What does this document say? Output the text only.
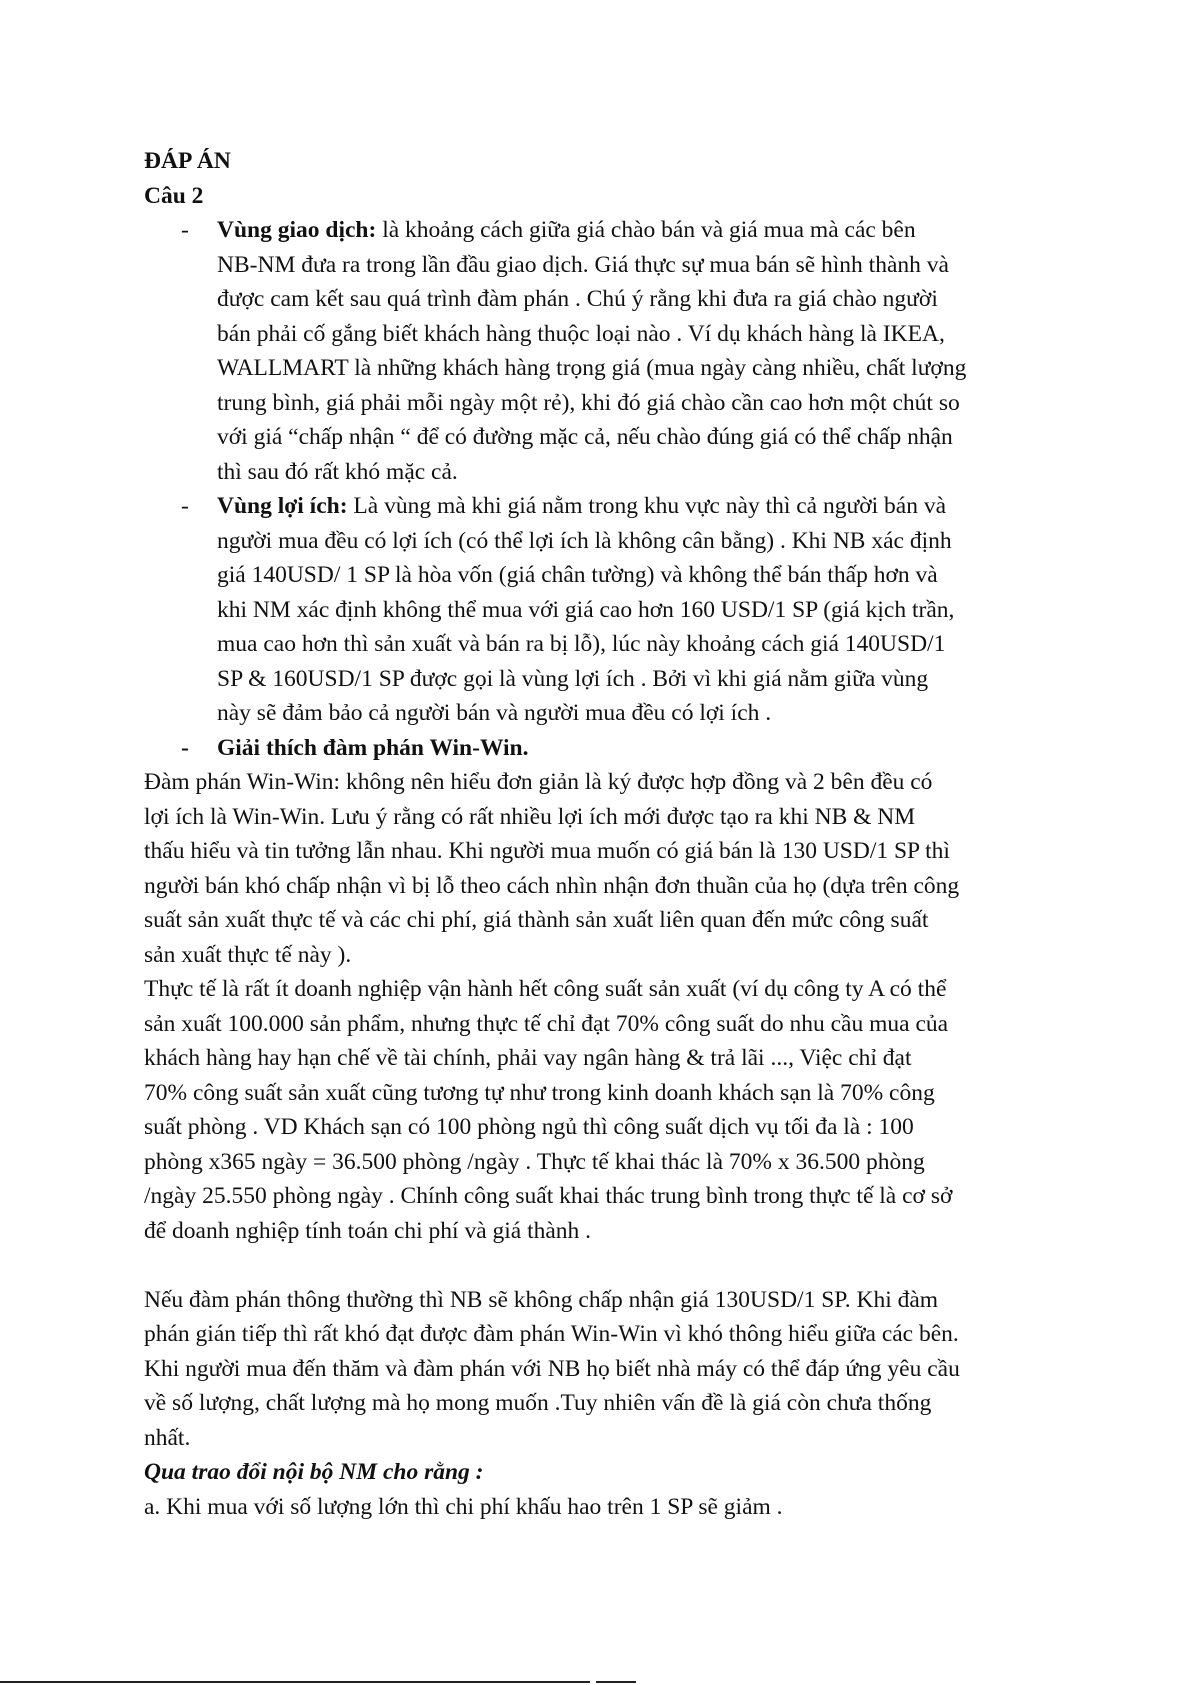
ĐÁP ÁN
Câu 2
- Vùng giao dịch: là khoảng cách giữa giá chào bán và giá mua mà các bên
NB-NM đưa ra trong lần đầu giao dịch. Giá thực sự mua bán sẽ hình thành và
được cam kết sau quá trình đàm phán . Chú ý rằng khi đưa ra giá chào người
bán phải cố gắng biết khách hàng thuộc loại nào . Ví dụ khách hàng là IKEA,
WALLMART là những khách hàng trọng giá (mua ngày càng nhiều, chất lượng
trung bình, giá phải mỗi ngày một rẻ), khi đó giá chào cần cao hơn một chút so
với giá “chấp nhận “ để có đường mặc cả, nếu chào đúng giá có thể chấp nhận
thì sau đó rất khó mặc cả.
- Vùng lợi ích: Là vùng mà khi giá nằm trong khu vực này thì cả người bán và
người mua đều có lợi ích (có thể lợi ích là không cân bằng) . Khi NB xác định
giá 140USD/ 1 SP là hòa vốn (giá chân tường) và không thể bán thấp hơn và
khi NM xác định không thể mua với giá cao hơn 160 USD/1 SP (giá kịch trần,
mua cao hơn thì sản xuất và bán ra bị lỗ), lúc này khoảng cách giá 140USD/1
SP & 160USD/1 SP được gọi là vùng lợi ích . Bởi vì khi giá nằm giữa vùng
này sẽ đảm bảo cả người bán và người mua đều có lợi ích .
- Giải thích đàm phán Win-Win.
Đàm phán Win-Win: không nên hiểu đơn giản là ký được hợp đồng và 2 bên đều có
lợi ích là Win-Win. Lưu ý rằng có rất nhiều lợi ích mới được tạo ra khi NB & NM
thấu hiểu và tin tưởng lẫn nhau. Khi người mua muốn có giá bán là 130 USD/1 SP thì
người bán khó chấp nhận vì bị lỗ theo cách nhìn nhận đơn thuần của họ (dựa trên công
suất sản xuất thực tế và các chi phí, giá thành sản xuất liên quan đến mức công suất
sản xuất thực tế này ).
Thực tế là rất ít doanh nghiệp vận hành hết công suất sản xuất (ví dụ công ty A có thể
sản xuất 100.000 sản phẩm, nhưng thực tế chỉ đạt 70% công suất do nhu cầu mua của
khách hàng hay hạn chế về tài chính, phải vay ngân hàng & trả lãi ..., Việc chỉ đạt
70% công suất sản xuất cũng tương tự như trong kinh doanh khách sạn là 70% công
suất phòng . VD Khách sạn có 100 phòng ngủ thì công suất dịch vụ tối đa là : 100
phòng x365 ngày = 36.500 phòng /ngày . Thực tế khai thác là 70% x 36.500 phòng
/ngày 25.550 phòng ngày . Chính công suất khai thác trung bình trong thực tế là cơ sở
để doanh nghiệp tính toán chi phí và giá thành .
Nếu đàm phán thông thường thì NB sẽ không chấp nhận giá 130USD/1 SP. Khi đàm
phán gián tiếp thì rất khó đạt được đàm phán Win-Win vì khó thông hiểu giữa các bên.
Khi người mua đến thăm và đàm phán với NB họ biết nhà máy có thể đáp ứng yêu cầu
về số lượng, chất lượng mà họ mong muốn .Tuy nhiên vấn đề là giá còn chưa thống
nhất.
Qua trao đổi nội bộ NM cho rằng :
a. Khi mua với số lượng lớn thì chi phí khấu hao trên 1 SP sẽ giảm .
